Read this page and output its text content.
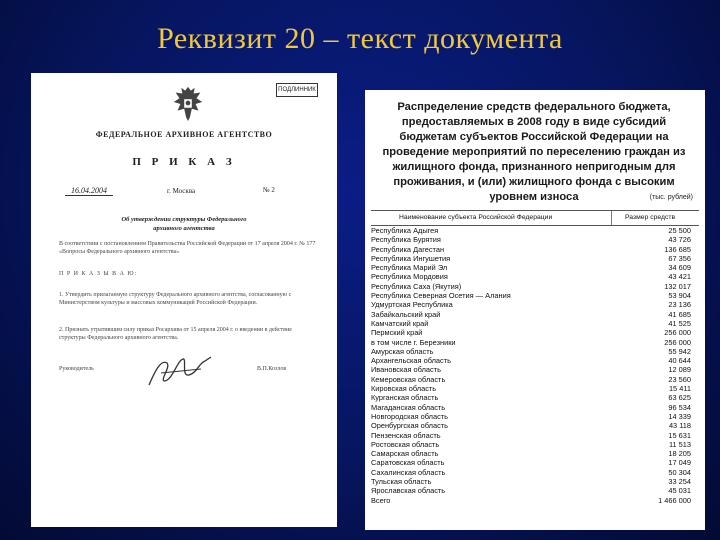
Реквизит 20 – текст документа
ПОДЛИННИК
ФЕДЕРАЛЬНОЕ АРХИВНОЕ АГЕНТСТВО
П Р И К А З
16.04.2004	г. Москва	№ 2
Об утверждении структуры Федерального архивного агентства
В соответствии с постановлением Правительства Российской Федерации от 17 апреля 2004 г. № 177 «Вопросы Федерального архивного агентства»
П Р И К А З Ы В А Ю:
1. Утвердить прилагаемую структуру Федерального архивного агентства, согласованную с Министерством культуры и массовых коммуникаций Российской Федерации.
2. Признать утратившим силу приказ Росархива от 15 апреля 2004 г. о введении в действие структуры Федерального архивного агентства.
Руководитель	В.П.Козлов
Распределение средств федерального бюджета, предоставляемых в 2008 году в виде субсидий бюджетам субъектов Российской Федерации на проведение мероприятий по переселению граждан из жилищного фонда, признанного непригодным для проживания, и (или) жилищного фонда с высоким уровнем износа	(тыс. рублей)
Наименование субъекта Российской Федерации	Размер средств
Республика Адыгея	25 500
Республика Бурятия	43 726
Республика Дагестан	136 685
Республика Ингушетия	67 356
Республика Марий Эл	34 609
Республика Мордовия	43 421
Республика Саха (Якутия)	132 017
Республика Северная Осетия — Алания	53 904
Удмуртская Республика	23 136
Забайкальский край	41 685
Камчатский край	41 525
Пермский край	256 000
в том числе г. Березники	256 000
Амурская область	55 942
Архангельская область	40 644
Ивановская область	12 089
Кемеровская область	23 560
Кировская область	15 411
Курганская область	63 625
Магаданская область	96 534
Новгородская область	14 339
Оренбургская область	43 118
Пензенская область	15 631
Ростовская область	11 513
Самарская область	18 205
Саратовская область	17 049
Сахалинская область	50 304
Тульская область	33 254
Ярославская область	45 031
Всего	1 466 000
